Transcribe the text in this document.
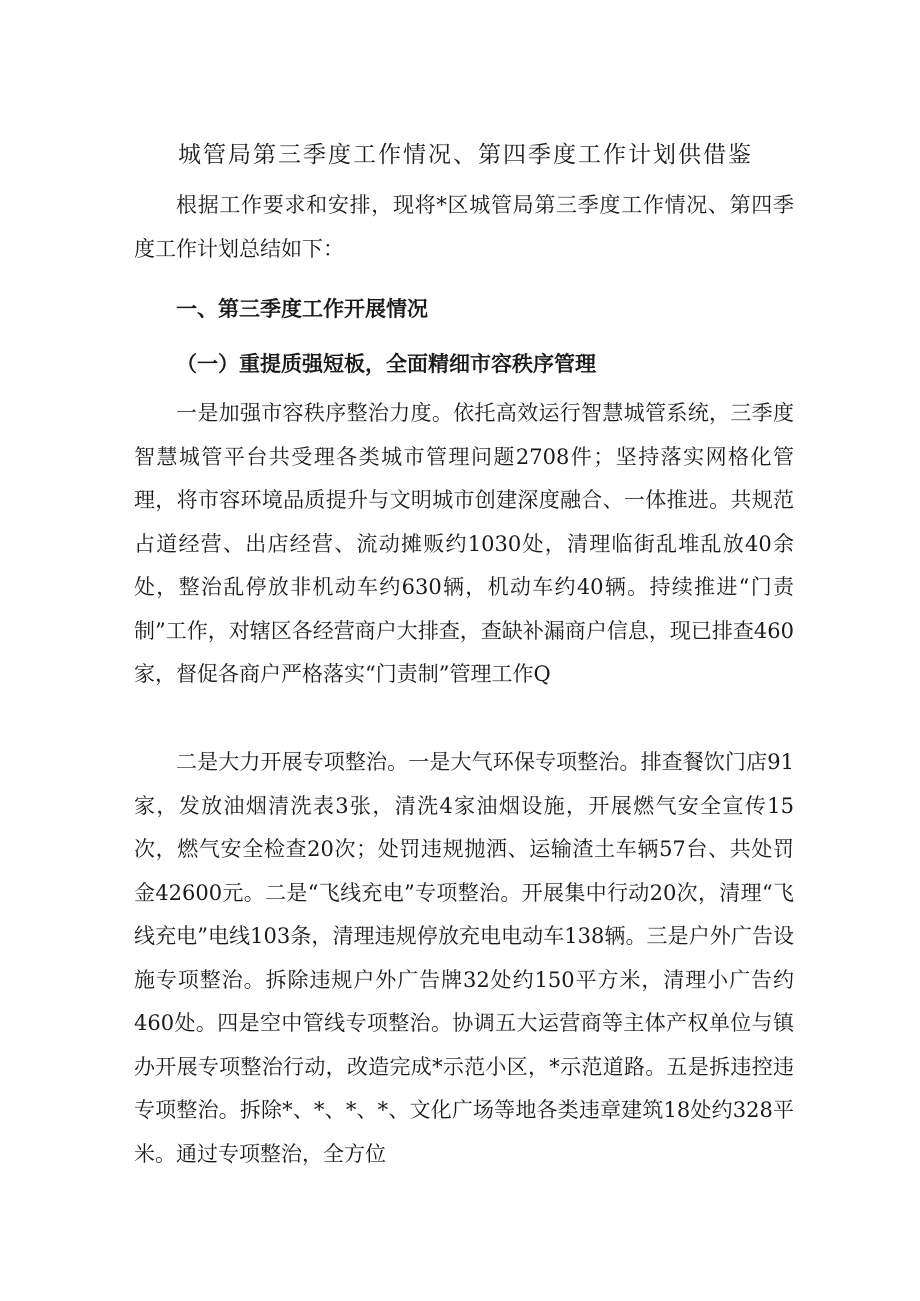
城管局第三季度工作情况、第四季度工作计划供借鉴

根据工作要求和安排，现将*区城管局第三季度工作情况、第四季度工作计划总结如下：

一、第三季度工作开展情况
（一）重提质强短板，全面精细市容秩序管理

一是加强市容秩序整治力度。依托高效运行智慧城管系统，三季度智慧城管平台共受理各类城市管理问题2708件；坚持落实网格化管理，将市容环境品质提升与文明城市创建深度融合、一体推进。共规范占道经营、出店经营、流动摊贩约1030处，清理临街乱堆乱放40余处，整治乱停放非机动车约630辆，机动车约40辆。持续推进“门责制”工作，对辖区各经营商户大排查，查缺补漏商户信息，现已排查460家，督促各商户严格落实“门责制”管理工作Q

二是大力开展专项整治。一是大气环保专项整治。排查餐饮门店91家，发放油烟清洗表3张，清洗4家油烟设施，开展燃气安全宣传15次，燃气安全检查20次；处罚违规抛洒、运输渣土车辆57台、共处罚金42600元。二是“飞线充电”专项整治。开展集中行动20次，清理“飞线充电”电线103条，清理违规停放充电电动车138辆。三是户外广告设施专项整治。拆除违规户外广告牌32处约150平方米，清理小广告约460处。四是空中管线专项整治。协调五大运营商等主体产权单位与镇办开展专项整治行动，改造完成*示范小区，*示范道路。五是拆违控违专项整治。拆除*、*、*、*、文化广场等地各类违章建筑18处约328平米。通过专项整治，全方位
